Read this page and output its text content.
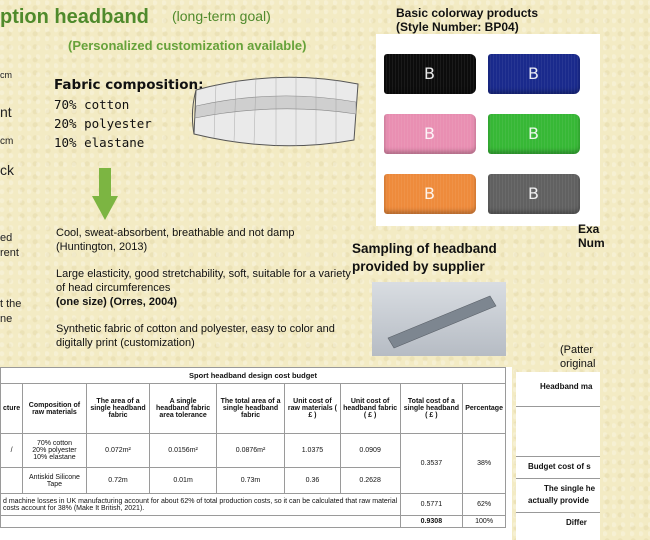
ption headband (long-term goal)
(Personalized customization available)
cm
nt
cm
ck
ed
rent
t the
ne
Fabric composition:
70% cotton
20% polyester
10% elastane
Cool, sweat-absorbent, breathable and not damp (Huntington, 2013)
Large elasticity, good stretchability, soft, suitable for a variety of head circumferences
(one size) (Orres, 2004)
Synthetic fabric of cotton and polyester, easy to color and digitally print (customization)
Basic colorway products
(Style Number: BP04)
B	B
B	B
B	B
Exa
Num
Sampling of headband
provided by supplier
(Patter
original
Sport headband design cost budget								
cture	Composition of raw materials	The area of a single headband fabric	A single headband fabric area tolerance	The total area of a single headband fabric	Unit cost of raw materials ( £ )	Unit cost of headband fabric ( £ )	Total cost of a single headband ( £ )	Percentage
/	70% cotton
20% polyester
10% elastane	0.072m²	0.0156m²	0.0876m²	1.0375	0.0909	0.3537	38%
	Antiskid Silicone Tape	0.72m	0.01m	0.73m	0.36	0.2628		
d machine losses in UK manufacturing account for about 62% of total production costs, so it can be calculated that raw material costs account for 38% (Make It British, 2021).							0.5771	62%
							0.9308	100%
Headband ma
Budget cost of s
The single he
actually provide
Differ
